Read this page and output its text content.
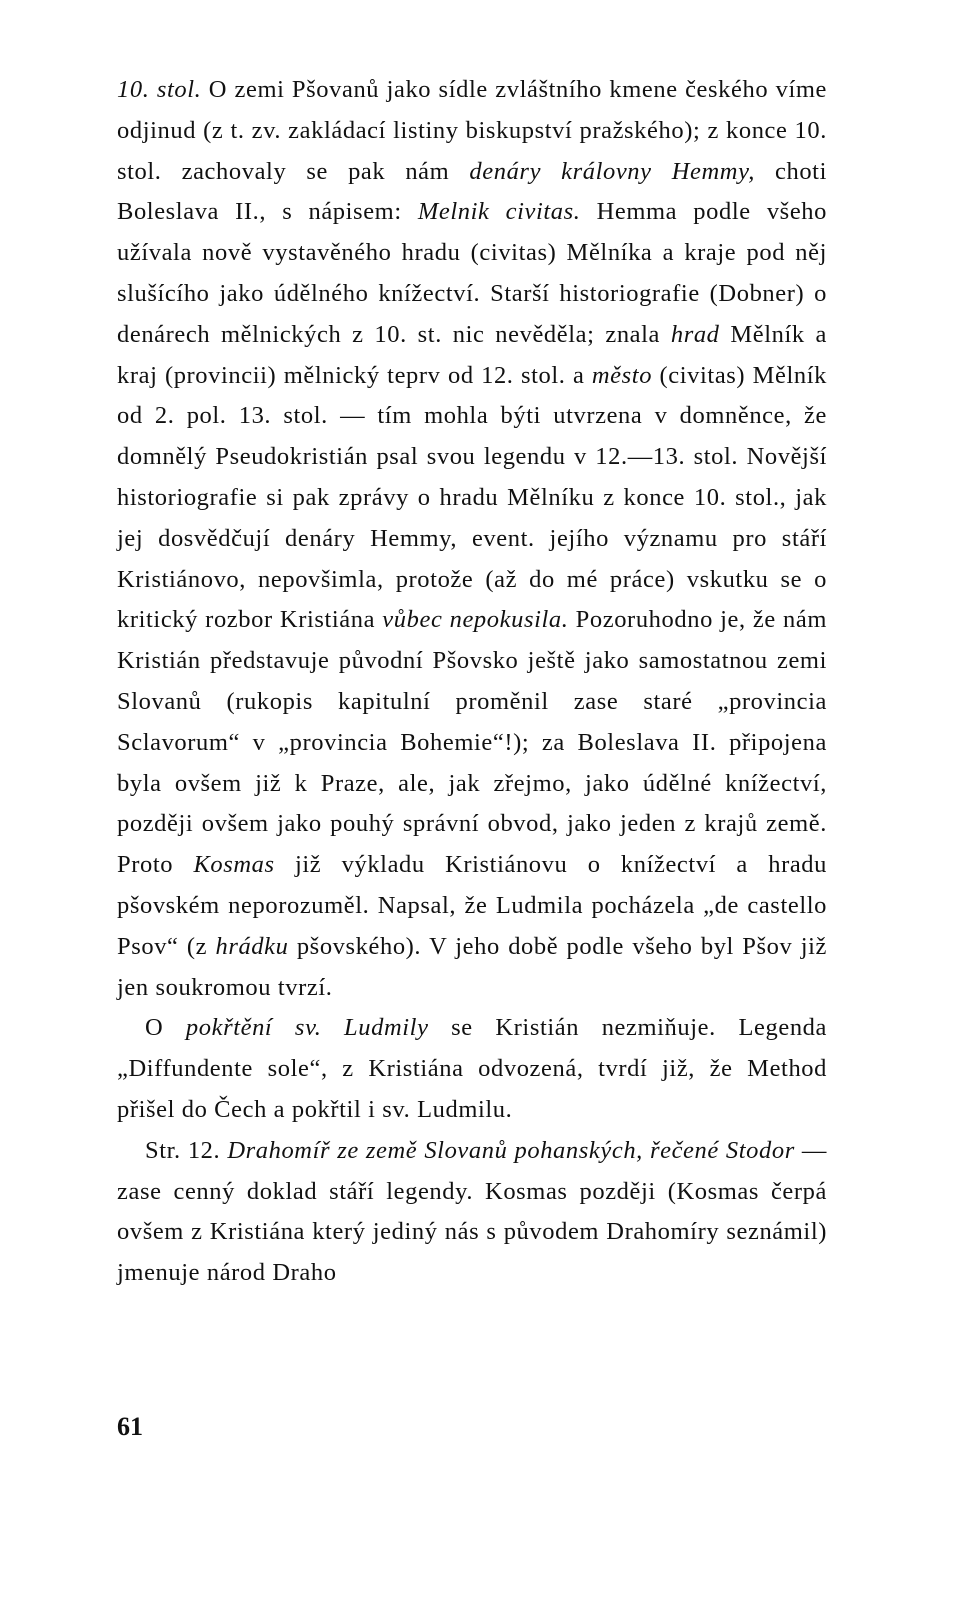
10. stol. O zemi Pšovanů jako sídle zvláštního kmene českého víme odjinud (z t. zv. zakládací listiny biskupství pražského); z konce 10. stol. zachovaly se pak nám denáry královny Hemmy, choti Boleslava II., s nápisem: Melnik civitas. Hemma podle všeho užívala nově vystavěného hradu (civitas) Mělníka a kraje pod něj slušícího jako údělného knížectví. Starší historiografie (Dobner) o denárech mělnických z 10. st. nic nevěděla; znala hrad Mělník a kraj (provincii) mělnický teprv od 12. stol. a město (civitas) Mělník od 2. pol. 13. stol. — tím mohla býti utvrzena v domněnce, že domnělý Pseudokristián psal svou legendu v 12.—13. stol. Novější historiografie si pak zprávy o hradu Mělníku z konce 10. stol., jak jej dosvědčují denáry Hemmy, event. jejího významu pro stáří Kristiánovo, nepovšimla, protože (až do mé práce) vskutku se o kritický rozbor Kristiána vůbec nepokusila. Pozoruhodno je, že nám Kristián představuje původní Pšovsko ještě jako samostatnou zemi Slovanů (rukopis kapitulní proměnil zase staré „provincia Sclavorum“ v „provincia Bohemie“!); za Boleslava II. připojena byla ovšem již k Praze, ale, jak zřejmo, jako údělné knížectví, později ovšem jako pouhý správní obvod, jako jeden z krajů země. Proto Kosmas již výkladu Kristiánovu o knížectví a hradu pšovském neporozuměl. Napsal, že Ludmila pocházela „de castello Psov“ (z hrádku pšovského). V jeho době podle všeho byl Pšov již jen soukromou tvrzí.

O pokřtění sv. Ludmily se Kristián nezmiňuje. Legenda „Diffundente sole“, z Kristiána odvozená, tvrdí již, že Method přišel do Čech a pokřtil i sv. Ludmilu.

Str. 12. Drahomíř ze země Slovanů pohanských, řečené Stodor — zase cenný doklad stáří legendy. Kosmas později (Kosmas čerpá ovšem z Kristiána který jediný nás s původem Drahomíry seznámil) jmenuje národ Draho

61
